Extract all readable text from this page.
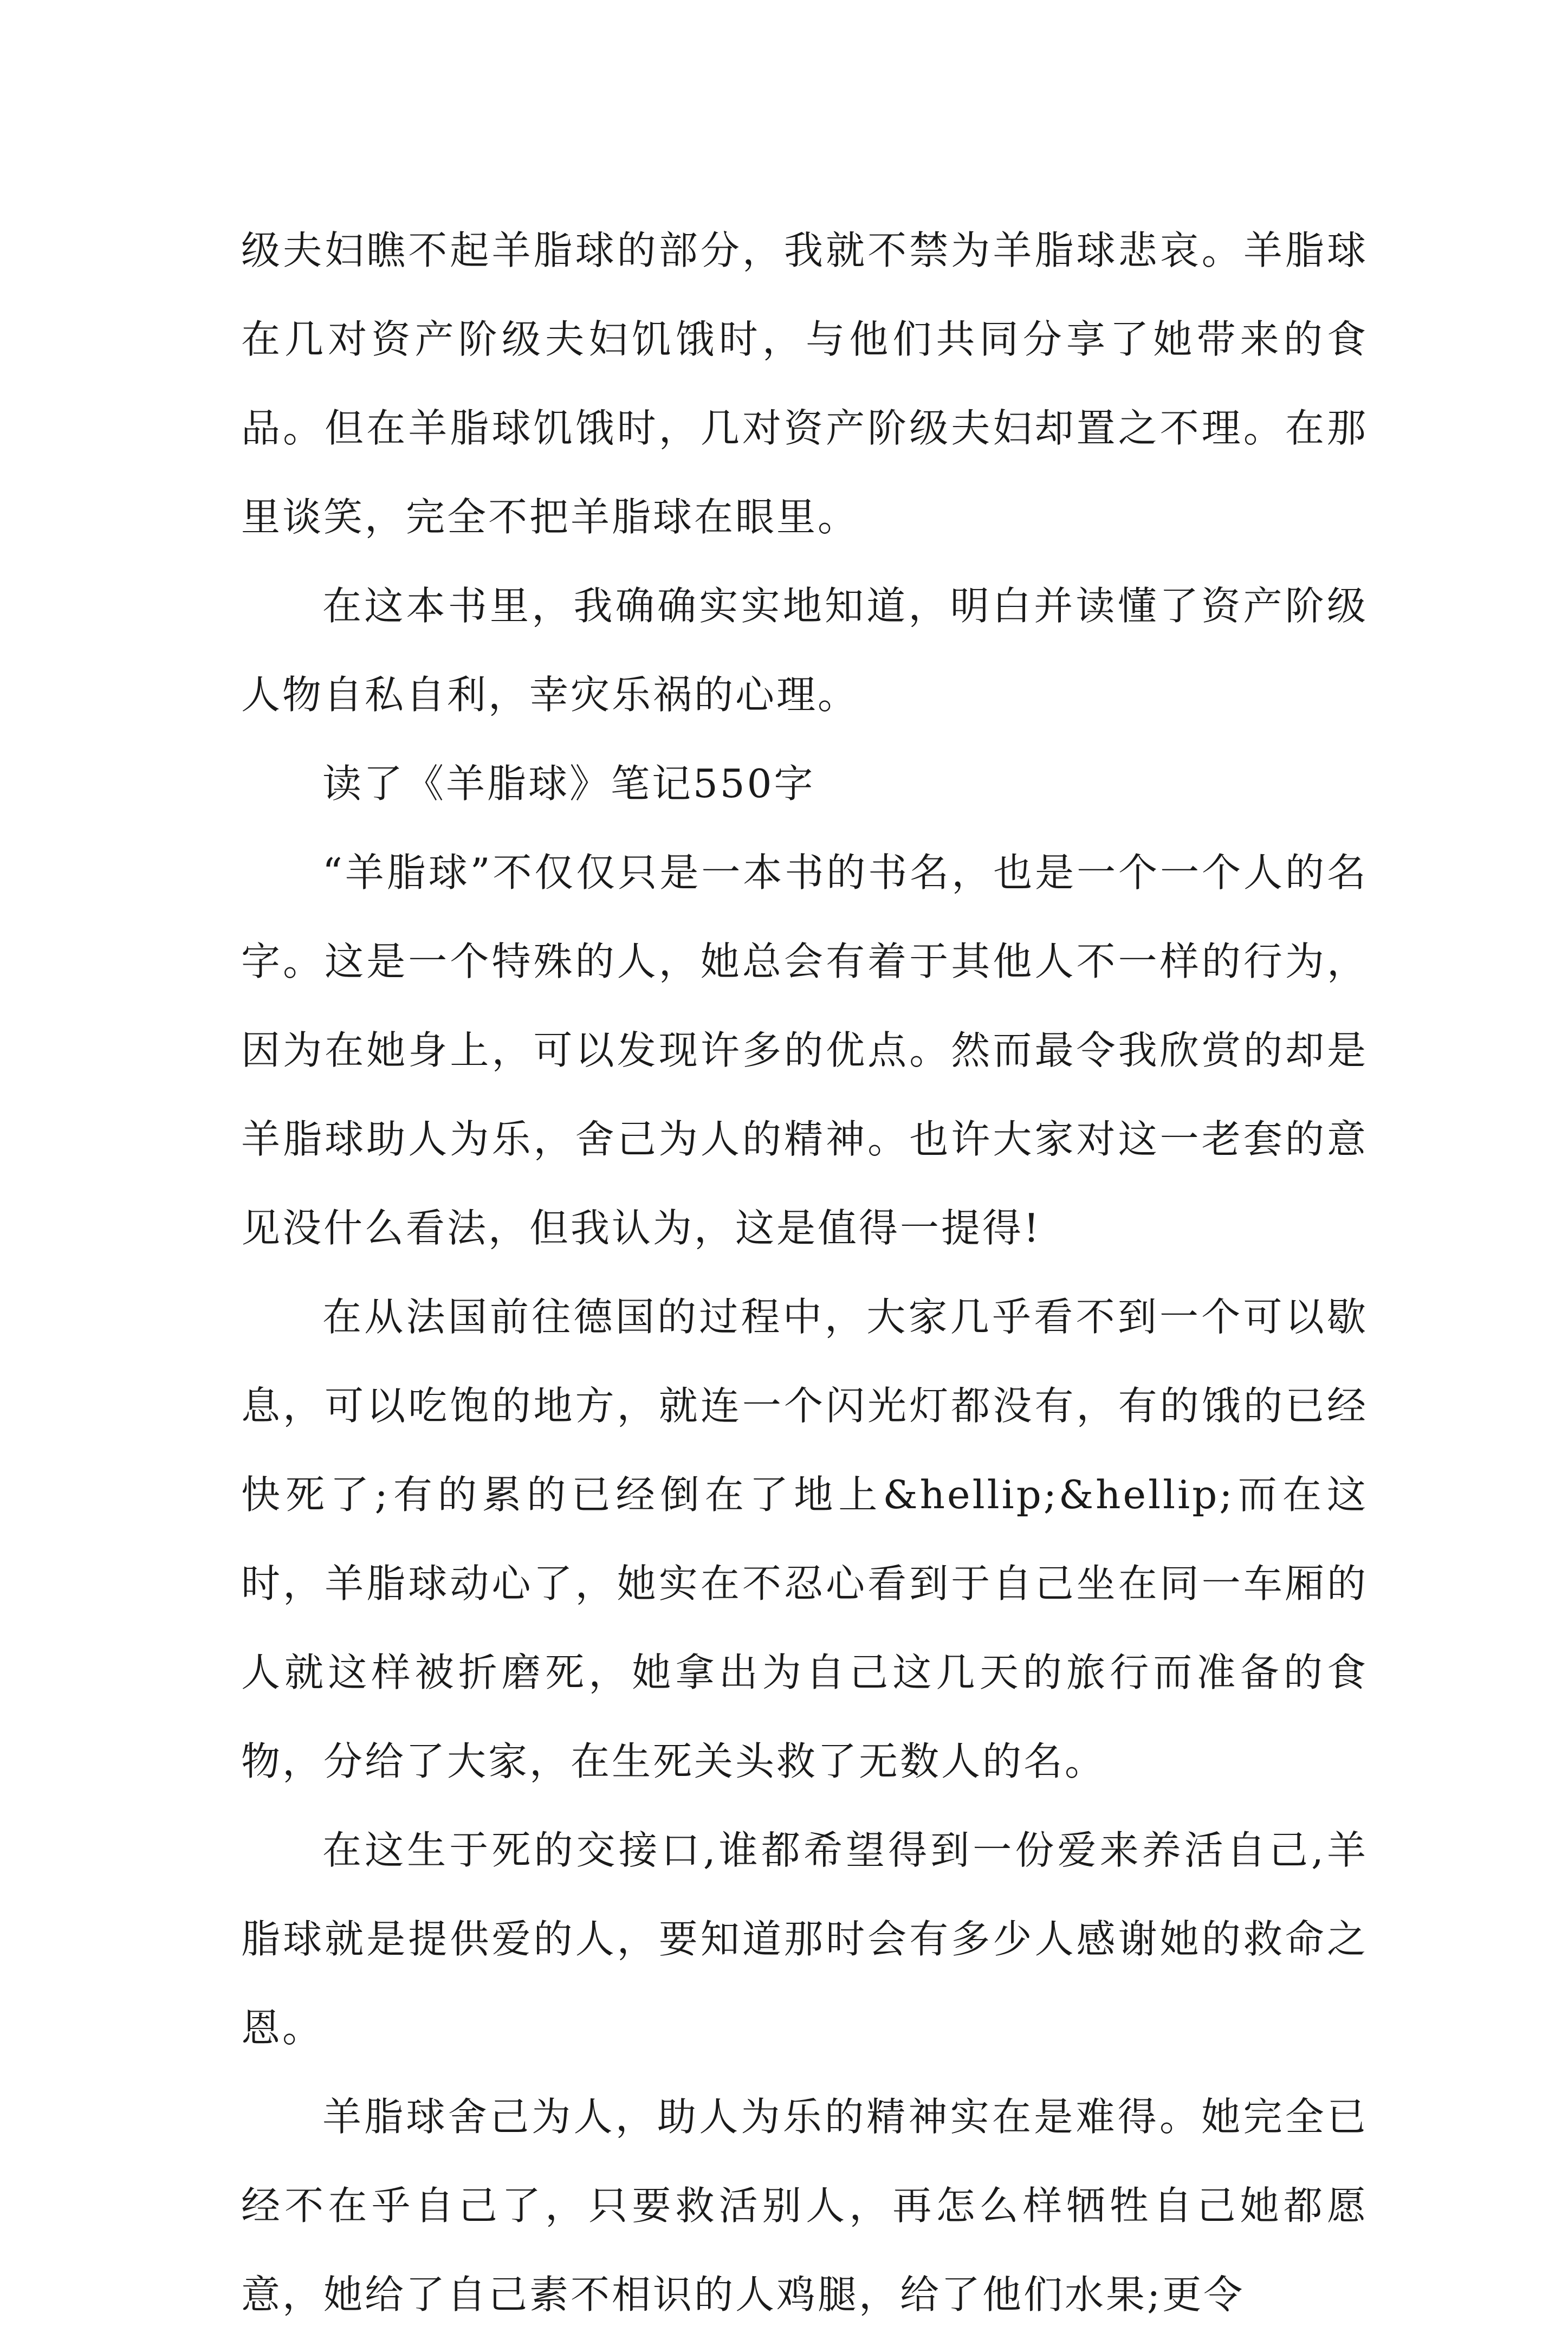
级夫妇瞧不起羊脂球的部分，我就不禁为羊脂球悲哀。羊脂球在几对资产阶级夫妇饥饿时，与他们共同分享了她带来的食品。但在羊脂球饥饿时，几对资产阶级夫妇却置之不理。在那里谈笑，完全不把羊脂球在眼里。

在这本书里，我确确实实地知道，明白并读懂了资产阶级人物自私自利，幸灾乐祸的心理。

读了《羊脂球》笔记550字

“羊脂球”不仅仅只是一本书的书名，也是一个一个人的名字。这是一个特殊的人，她总会有着于其他人不一样的行为，因为在她身上，可以发现许多的优点。然而最令我欣赏的却是羊脂球助人为乐，舍己为人的精神。也许大家对这一老套的意见没什么看法，但我认为，这是值得一提得!

在从法国前往德国的过程中，大家几乎看不到一个可以歇息，可以吃饱的地方，就连一个闪光灯都没有，有的饿的已经快死了;有的累的已经倒在了地上&hellip;&hellip;而在这时，羊脂球动心了，她实在不忍心看到于自己坐在同一车厢的人就这样被折磨死，她拿出为自己这几天的旅行而准备的食物，分给了大家，在生死关头救了无数人的名。

在这生于死的交接口,谁都希望得到一份爱来养活自己,羊脂球就是提供爱的人，要知道那时会有多少人感谢她的救命之恩。

羊脂球舍己为人，助人为乐的精神实在是难得。她完全已经不在乎自己了，只要救活别人，再怎么样牺牲自己她都愿意，她给了自己素不相识的人鸡腿，给了他们水果;更令
